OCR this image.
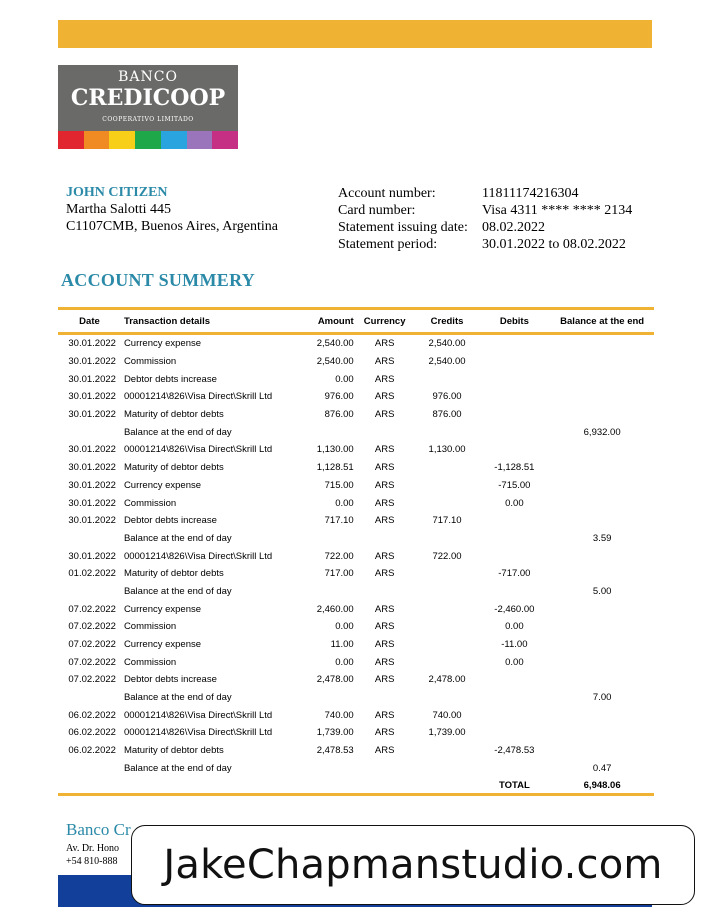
BANCO
CREDICOOP
COOPERATIVO LIMITADO
JOHN CITIZEN
Martha Salotti 445
C1107CMB, Buenos Aires, Argentina
Account number:	11811174216304
Card number:	Visa 4311 **** **** 2134
Statement issuing date:	08.02.2022
Statement period:	30.01.2022 to 08.02.2022
ACCOUNT SUMMERY
Date	Transaction details	Amount	Currency	Credits	Debits	Balance at the end
30.01.2022	Currency expense	2,540.00	ARS	2,540.00		
30.01.2022	Commission	2,540.00	ARS	2,540.00		
30.01.2022	Debtor debts increase	0.00	ARS			
30.01.2022	00001214\826\Visa Direct\Skrill Ltd	976.00	ARS	976.00		
30.01.2022	Maturity of debtor debts	876.00	ARS	876.00		
	Balance at the end of day					6,932.00
30.01.2022	00001214\826\Visa Direct\Skrill Ltd	1,130.00	ARS	1,130.00		
30.01.2022	Maturity of debtor debts	1,128.51	ARS		-1,128.51	
30.01.2022	Currency expense	715.00	ARS		-715.00	
30.01.2022	Commission	0.00	ARS		0.00	
30.01.2022	Debtor debts increase	717.10	ARS	717.10		
	Balance at the end of day					3.59
30.01.2022	00001214\826\Visa Direct\Skrill Ltd	722.00	ARS	722.00		
01.02.2022	Maturity of debtor debts	717.00	ARS		-717.00	
	Balance at the end of day					5.00
07.02.2022	Currency expense	2,460.00	ARS		-2,460.00	
07.02.2022	Commission	0.00	ARS		0.00	
07.02.2022	Currency expense	11.00	ARS		-11.00	
07.02.2022	Commission	0.00	ARS		0.00	
07.02.2022	Debtor debts increase	2,478.00	ARS	2,478.00		
	Balance at the end of day					7.00
06.02.2022	00001214\826\Visa Direct\Skrill Ltd	740.00	ARS	740.00		
06.02.2022	00001214\826\Visa Direct\Skrill Ltd	1,739.00	ARS	1,739.00		
06.02.2022	Maturity of debtor debts	2,478.53	ARS		-2,478.53	
	Balance at the end of day					0.47
					TOTAL	6,948.06
Banco Cr
Av. Dr. Hono
+54 810-888	JakeChapmanstudio.com
